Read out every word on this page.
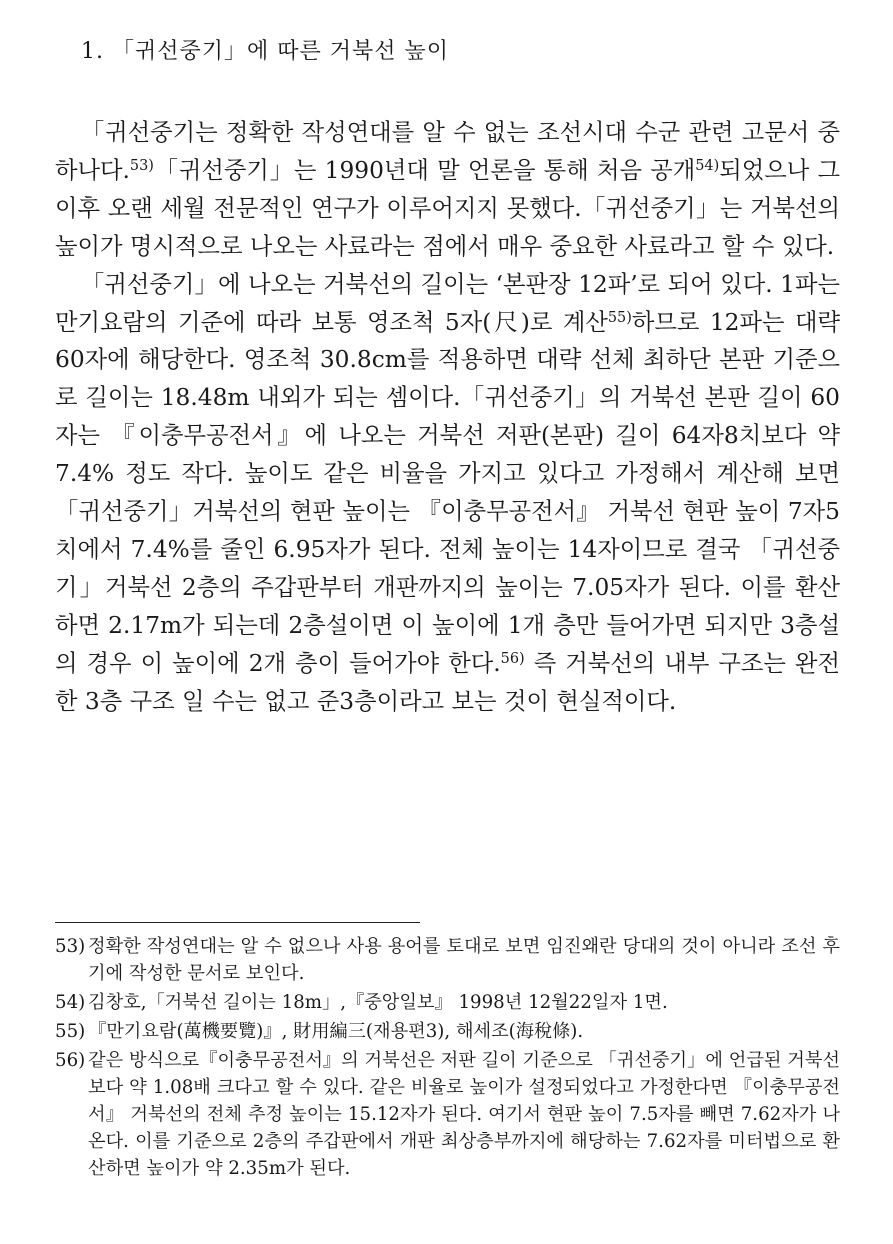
1. 「귀선중기」에 따른 거북선 높이

「귀선중기는 정확한 작성연대를 알 수 없는 조선시대 수군 관련 고문서 중 하나다.$^{53)}$「귀선중기」는 1990년대 말 언론을 통해 처음 공개$^{54)}$되었으나 그 이후 오랜 세월 전문적인 연구가 이루어지지 못했다.「귀선중기」는 거북선의 높이가 명시적으로 나오는 사료라는 점에서 매우 중요한 사료라고 할 수 있다.

「귀선중기」에 나오는 거북선의 길이는 ‘본판장 12파’로 되어 있다. 1파는 만기요람의 기준에 따라 보통 영조척 5자(尺)로 계산$^{55)}$하므로 12파는 대략 60자에 해당한다. 영조척 30.8cm를 적용하면 대략 선체 최하단 본판 기준으로 길이는 18.48m 내외가 되는 셈이다.「귀선중기」의 거북선 본판 길이 60자는 『이충무공전서』에 나오는 거북선 저판(본판) 길이 64자8치보다 약 7.4% 정도 작다. 높이도 같은 비율을 가지고 있다고 가정해서 계산해 보면 「귀선중기」거북선의 현판 높이는 『이충무공전서』 거북선 현판 높이 7자5치에서 7.4%를 줄인 6.95자가 된다. 전체 높이는 14자이므로 결국 「귀선중기」거북선 2층의 주갑판부터 개판까지의 높이는 7.05자가 된다. 이를 환산하면 2.17m가 되는데 2층설이면 이 높이에 1개 층만 들어가면 되지만 3층설의 경우 이 높이에 2개 층이 들어가야 한다.$^{56)}$ 즉 거북선의 내부 구조는 완전한 3층 구조 일 수는 없고 준3층이라고 보는 것이 현실적이다.

53) 정확한 작성연대는 알 수 없으나 사용 용어를 토대로 보면 임진왜란 당대의 것이 아니라 조선 후기에 작성한 문서로 보인다.
54) 김창호,「거북선 길이는 18m」,『중앙일보』 1998년 12월22일자 1면.
55) 『만기요람(萬機要覽)』, 財用編三(재용편3), 해세조(海稅條).
56) 같은 방식으로『이충무공전서』의 거북선은 저판 길이 기준으로 「귀선중기」에 언급된 거북선보다 약 1.08배 크다고 할 수 있다. 같은 비율로 높이가 설정되었다고 가정한다면 『이충무공전서』 거북선의 전체 추정 높이는 15.12자가 된다. 여기서 현판 높이 7.5자를 빼면 7.62자가 나온다. 이를 기준으로 2층의 주갑판에서 개판 최상층부까지에 해당하는 7.62자를 미터법으로 환산하면 높이가 약 2.35m가 된다.
